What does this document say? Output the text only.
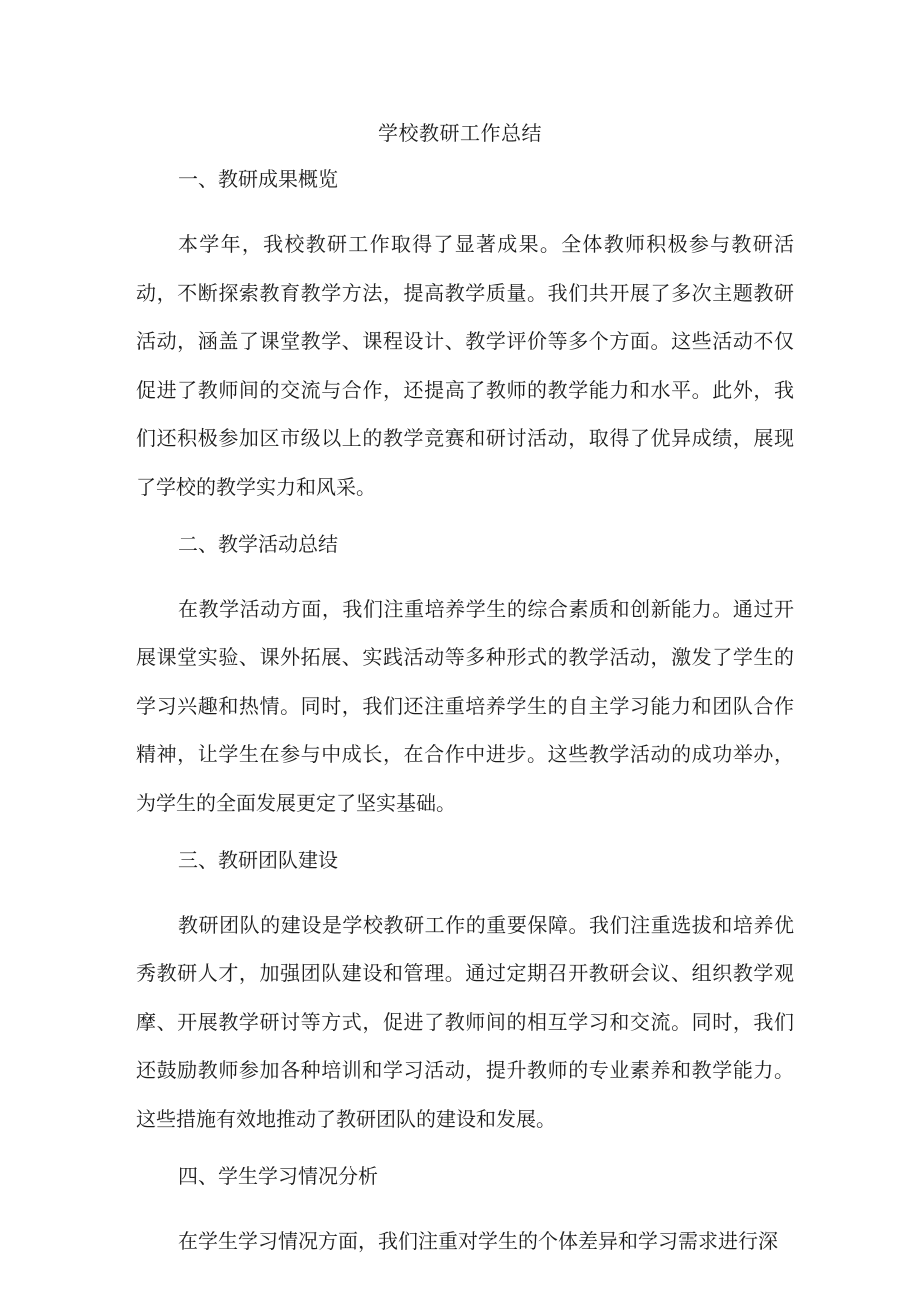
学校教研工作总结
一、教研成果概览

本学年，我校教研工作取得了显著成果。全体教师积极参与教研活动，不断探索教育教学方法，提高教学质量。我们共开展了多次主题教研活动，涵盖了课堂教学、课程设计、教学评价等多个方面。这些活动不仅促进了教师间的交流与合作，还提高了教师的教学能力和水平。此外，我们还积极参加区市级以上的教学竞赛和研讨活动，取得了优异成绩，展现了学校的教学实力和风采。

二、教学活动总结

在教学活动方面，我们注重培养学生的综合素质和创新能力。通过开展课堂实验、课外拓展、实践活动等多种形式的教学活动，激发了学生的学习兴趣和热情。同时，我们还注重培养学生的自主学习能力和团队合作精神，让学生在参与中成长，在合作中进步。这些教学活动的成功举办，为学生的全面发展更定了坚实基础。

三、教研团队建设

教研团队的建设是学校教研工作的重要保障。我们注重选拔和培养优秀教研人才，加强团队建设和管理。通过定期召开教研会议、组织教学观摩、开展教学研讨等方式，促进了教师间的相互学习和交流。同时，我们还鼓励教师参加各种培训和学习活动，提升教师的专业素养和教学能力。这些措施有效地推动了教研团队的建设和发展。

四、学生学习情况分析

在学生学习情况方面，我们注重对学生的个体差异和学习需求进行深
